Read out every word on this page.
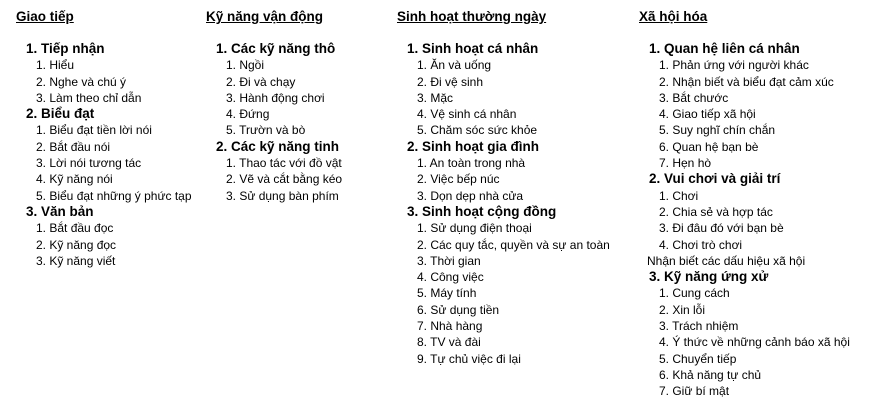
Giao tiếp
1. Tiếp nhận
1. Hiểu
2. Nghe và chú ý
3. Làm theo chỉ dẫn
2. Biểu đạt
1. Biểu đạt tiền lời nói
2. Bắt đầu nói
3. Lời nói tương tác
4. Kỹ năng nói
5. Biểu đạt những ý phức tạp
3. Văn bản
1. Bắt đầu đọc
2. Kỹ năng đọc
3. Kỹ năng viết
Kỹ năng vận động
1. Các kỹ năng thô
1. Ngồi
2. Đi và chạy
3. Hành động chơi
4. Đứng
5. Trườn và bò
2. Các kỹ năng tinh
1. Thao tác với đồ vật
2. Vẽ và cắt bằng kéo
3. Sử dụng bàn phím
Sinh hoạt thường ngày
1. Sinh hoạt cá nhân
1. Ăn và uống
2. Đi vệ sinh
3. Mặc
4. Vệ sinh cá nhân
5. Chăm sóc sức khỏe
2. Sinh hoạt gia đình
1. An toàn trong nhà
2. Việc bếp núc
3. Dọn dẹp nhà cửa
3. Sinh hoạt cộng đồng
1. Sử dụng điện thoại
2. Các quy tắc, quyền và sự an toàn
3. Thời gian
4. Công việc
5. Máy tính
6. Sử dụng tiền
7. Nhà hàng
8. TV và đài
9. Tự chủ việc đi lại
Xã hội hóa
1. Quan hệ liên cá nhân
1. Phản ứng với người khác
2. Nhận biết và biểu đạt cảm xúc
3. Bắt chước
4. Giao tiếp xã hội
5. Suy nghĩ chín chắn
6. Quan hệ bạn bè
7. Hẹn hò
2. Vui chơi và giải trí
1. Chơi
2. Chia sẻ và hợp tác
3. Đi đâu đó với bạn bè
4. Chơi trò chơi
Nhận biết các dấu hiệu xã hội
3. Kỹ năng ứng xử
1. Cung cách
2. Xin lỗi
3. Trách nhiệm
4. Ý thức về những cảnh báo xã hội
5. Chuyển tiếp
6. Khả năng tự chủ
7. Giữ bí mật
